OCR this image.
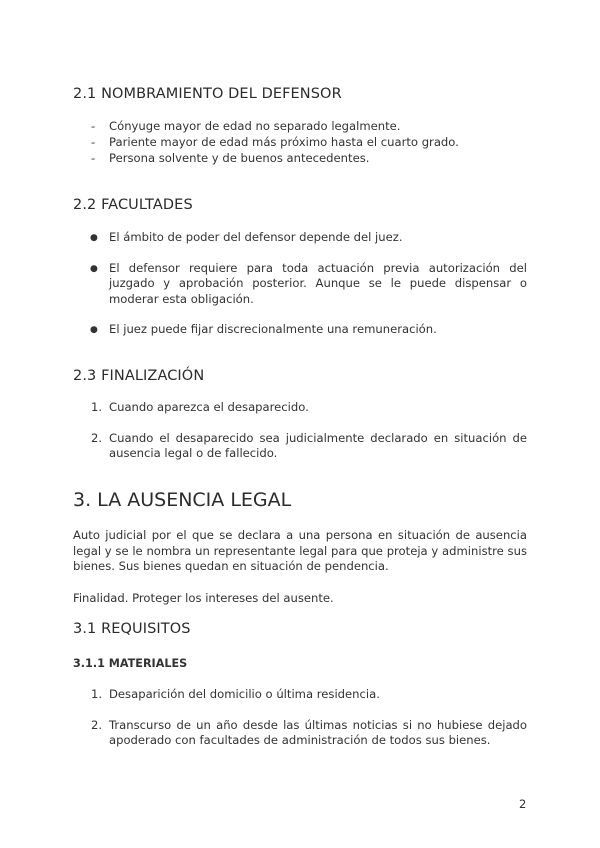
2.1 NOMBRAMIENTO DEL DEFENSOR
- Cónyuge mayor de edad no separado legalmente.
- Pariente mayor de edad más próximo hasta el cuarto grado.
- Persona solvente y de buenos antecedentes.
2.2 FACULTADES
● El ámbito de poder del defensor depende del juez.
● El defensor requiere para toda actuación previa autorización del juzgado y aprobación posterior. Aunque se le puede dispensar o moderar esta obligación.
● El juez puede fijar discrecionalmente una remuneración.
2.3 FINALIZACIÓN
1. Cuando aparezca el desaparecido.
2. Cuando el desaparecido sea judicialmente declarado en situación de ausencia legal o de fallecido.
3. LA AUSENCIA LEGAL
Auto judicial por el que se declara a una persona en situación de ausencia legal y se le nombra un representante legal para que proteja y administre sus bienes. Sus bienes quedan en situación de pendencia.
Finalidad. Proteger los intereses del ausente.
3.1 REQUISITOS
3.1.1 MATERIALES
1. Desaparición del domicilio o última residencia.
2. Transcurso de un año desde las últimas noticias si no hubiese dejado apoderado con facultades de administración de todos sus bienes.
2
